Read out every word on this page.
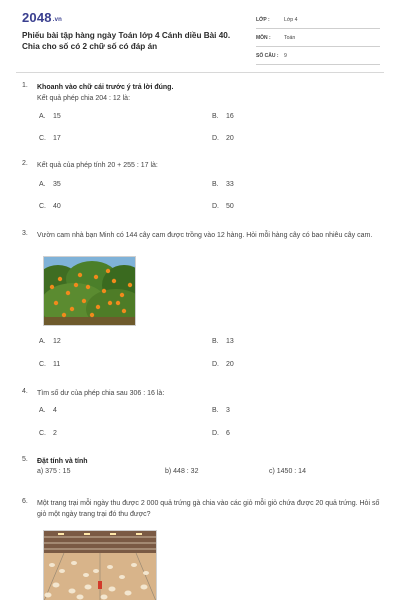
2048.vn
Phiếu bài tập hàng ngày Toán lớp 4 Cánh diều Bài 40. Chia cho số có 2 chữ số có đáp án
LỚP :	Lớp 4
MÔN :	Toán
SỐ CÂU : 9
1. Khoanh vào chữ cái trước ý trả lời đúng.
Kết quả phép chia 204 : 12 là:
A. 15	B. 16
C. 17	D. 20
2. Kết quả của phép tính 20 + 255 : 17 là:
A. 35	B. 33
C. 40	D. 50
3. Vườn cam nhà bạn Minh có 144 cây cam được trồng vào 12 hàng. Hỏi mỗi hàng cây có bao nhiêu cây cam.
A. 12	B. 13
C. 11	D. 20
4. Tìm số dư của phép chia sau 306 : 16 là:
A. 4	B. 3
C. 2	D. 6
5. Đặt tính và tính
a) 375 : 15	b) 448 : 32	c) 1450 : 14
6. Một trang trại mỗi ngày thu được 2 000 quả trứng gà chia vào các giỏ mỗi giỏ chứa được 20 quả trứng. Hỏi số giỏ một ngày trang trại đó thu được?
